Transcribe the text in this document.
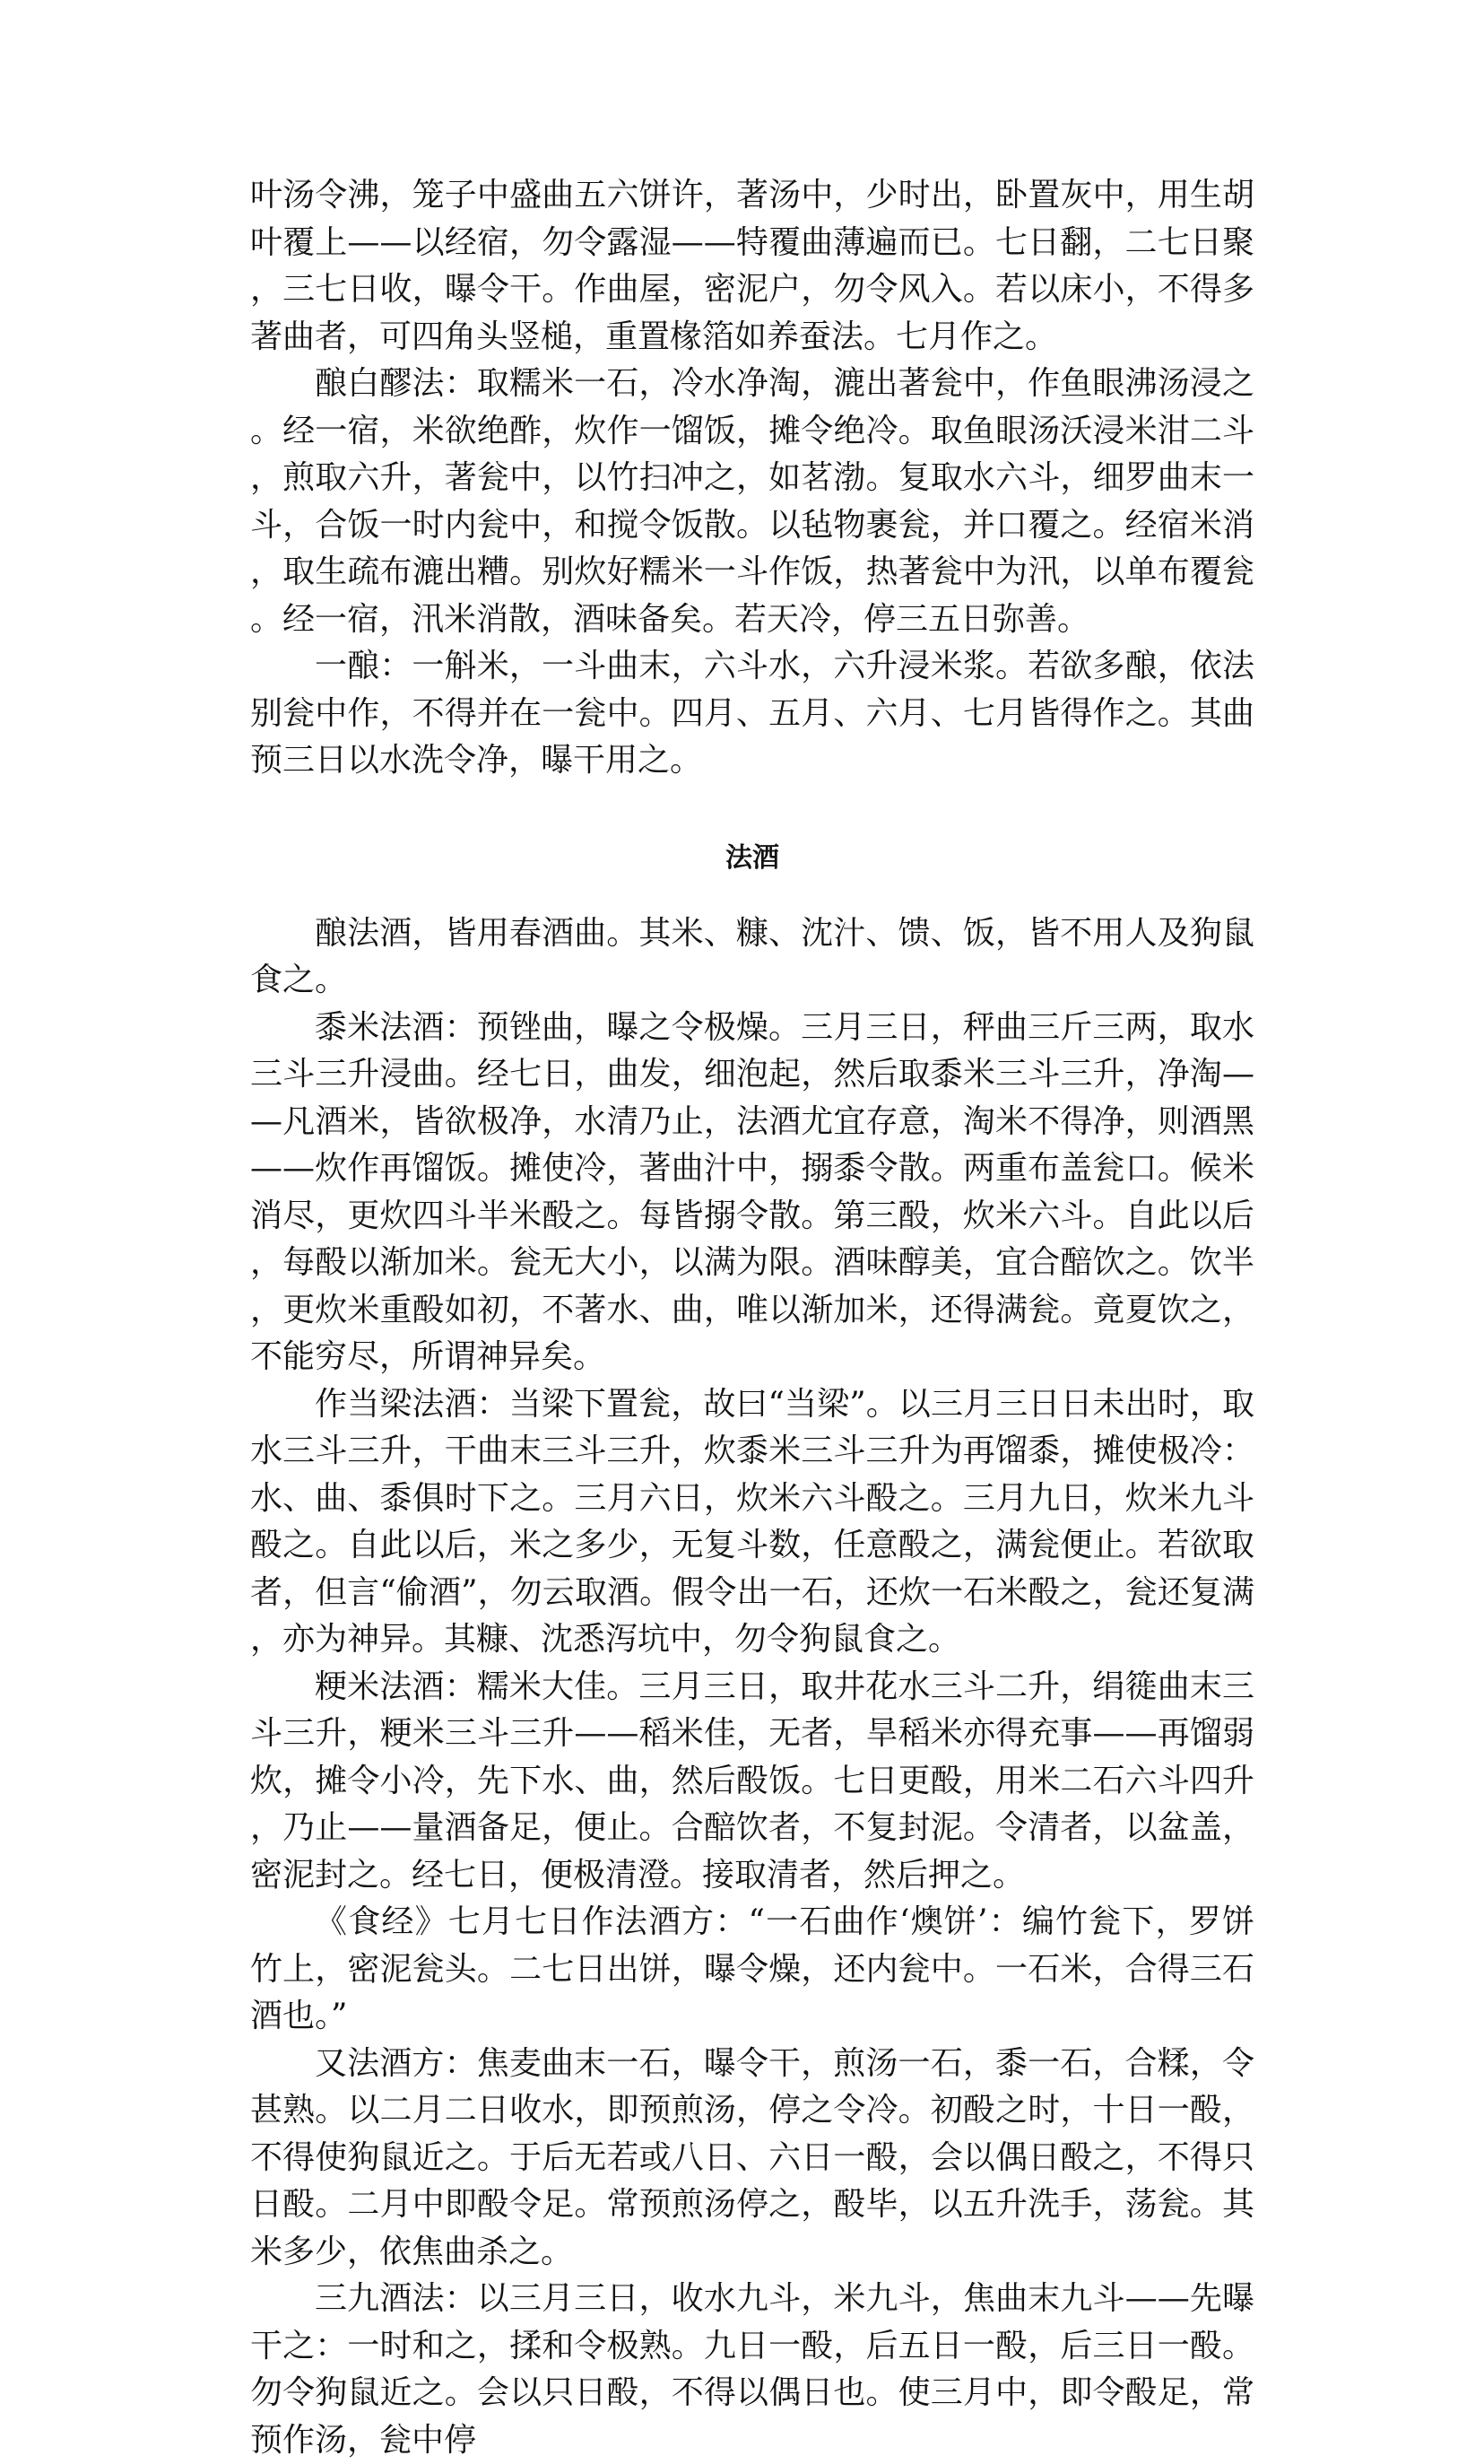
叶汤令沸，笼子中盛曲五六饼许，著汤中，少时出，卧置灰中，用生胡叶覆上——以经宿，勿令露湿——特覆曲薄遍而已。七日翻，二七日聚，三七日收，曝令干。作曲屋，密泥户，勿令风入。若以床小，不得多著曲者，可四角头竖槌，重置椽箔如养蚕法。七月作之。

酿白醪法：取糯米一石，冷水净淘，漉出著瓮中，作鱼眼沸汤浸之。经一宿，米欲绝酢，炊作一馏饭，摊令绝冷。取鱼眼汤沃浸米泔二斗，煎取六升，著瓮中，以竹扫冲之，如茗渤。复取水六斗，细罗曲末一斗，合饭一时内瓮中，和搅令饭散。以毡物裹瓮，并口覆之。经宿米消，取生疏布漉出糟。别炊好糯米一斗作饭，热著瓮中为汛，以单布覆瓮。经一宿，汛米消散，酒味备矣。若天冷，停三五日弥善。

一酿：一斛米，一斗曲末，六斗水，六升浸米浆。若欲多酿，依法别瓮中作，不得并在一瓮中。四月、五月、六月、七月皆得作之。其曲预三日以水洗令净，曝干用之。

法酒

酿法酒，皆用春酒曲。其米、糠、沈汁、馈、饭，皆不用人及狗鼠食之。

黍米法酒：预锉曲，曝之令极燥。三月三日，秤曲三斤三两，取水三斗三升浸曲。经七日，曲发，细泡起，然后取黍米三斗三升，净淘——凡酒米，皆欲极净，水清乃止，法酒尤宜存意，淘米不得净，则酒黑——炊作再馏饭。摊使冷，著曲汁中，搦黍令散。两重布盖瓮口。候米消尽，更炊四斗半米酘之。每皆搦令散。第三酘，炊米六斗。自此以后，每酘以渐加米。瓮无大小，以满为限。酒味醇美，宜合醅饮之。饮半，更炊米重酘如初，不著水、曲，唯以渐加米，还得满瓮。竟夏饮之，不能穷尽，所谓神异矣。

作当梁法酒：当梁下置瓮，故曰“当梁”。以三月三日日未出时，取水三斗三升，干曲末三斗三升，炊黍米三斗三升为再馏黍，摊使极冷：水、曲、黍俱时下之。三月六日，炊米六斗酘之。三月九日，炊米九斗酘之。自此以后，米之多少，无复斗数，任意酘之，满瓮便止。若欲取者，但言“偷酒”，勿云取酒。假令出一石，还炊一石米酘之，瓮还复满，亦为神异。其糠、沈悉泻坑中，勿令狗鼠食之。

粳米法酒：糯米大佳。三月三日，取井花水三斗二升，绢簁曲末三斗三升，粳米三斗三升——稻米佳，无者，旱稻米亦得充事——再馏弱炊，摊令小冷，先下水、曲，然后酘饭。七日更酘，用米二石六斗四升，乃止——量酒备足，便止。合醅饮者，不复封泥。令清者，以盆盖，密泥封之。经七日，便极清澄。接取清者，然后押之。

《食经》七月七日作法酒方：“一石曲作‘燠饼’：编竹瓮下，罗饼竹上，密泥瓮头。二七日出饼，曝令燥，还内瓮中。一石米，合得三石酒也。”

又法酒方：焦麦曲末一石，曝令干，煎汤一石，黍一石，合糅，令甚熟。以二月二日收水，即预煎汤，停之令冷。初酘之时，十日一酘，不得使狗鼠近之。于后无若或八日、六日一酘，会以偶日酘之，不得只日酘。二月中即酘令足。常预煎汤停之，酘毕，以五升洗手，荡瓮。其米多少，依焦曲杀之。

三九酒法：以三月三日，收水九斗，米九斗，焦曲末九斗——先曝干之：一时和之，揉和令极熟。九日一酘，后五日一酘，后三日一酘。勿令狗鼠近之。会以只日酘，不得以偶日也。使三月中，即令酘足，常预作汤，瓮中停
